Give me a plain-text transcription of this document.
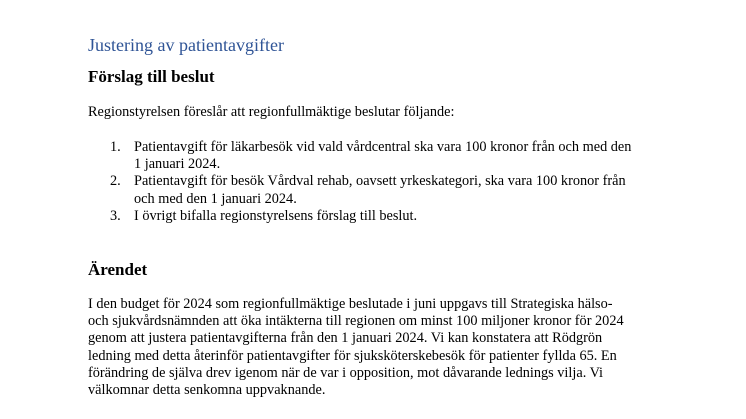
Justering av patientavgifter
Förslag till beslut

Regionstyrelsen föreslår att regionfullmäktige beslutar följande:

1. Patientavgift för läkarbesök vid vald vårdcentral ska vara 100 kronor från och med den
1 januari 2024.
2. Patientavgift för besök Vårdval rehab, oavsett yrkeskategori, ska vara 100 kronor från
och med den 1 januari 2024.
3. I övrigt bifalla regionstyrelsens förslag till beslut.
Ärendet

I den budget för 2024 som regionfullmäktige beslutade i juni uppgavs till Strategiska hälso-
och sjukvårdsnämnden att öka intäkterna till regionen om minst 100 miljoner kronor för 2024
genom att justera patientavgifterna från den 1 januari 2024. Vi kan konstatera att Rödgrön
ledning med detta återinför patientavgifter för sjuksköterskebesök för patienter fyllda 65. En
förändring de själva drev igenom när de var i opposition, mot dåvarande lednings vilja. Vi
välkomnar detta senkomna uppvaknande.
